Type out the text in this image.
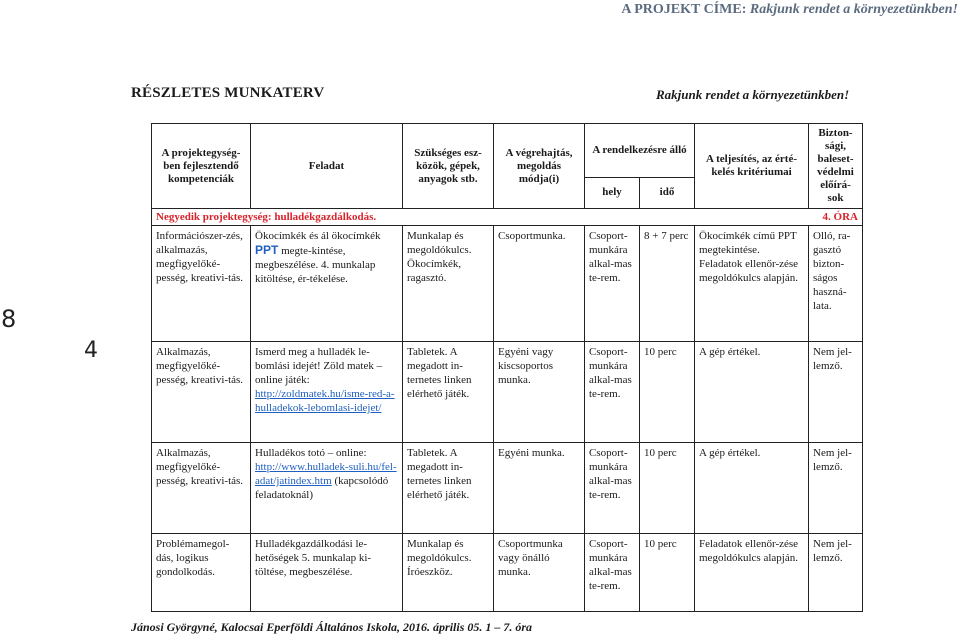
A PROJEKT CÍME: Rakjunk rendet a környezetünkben!
RÉSZLETES MUNKATERV	Rakjunk rendet a környezetünkben!
8
4
A projektegység-ben fejlesztendő kompetenciák	Feladat	Szükséges esz-közök, gépek, anyagok stb.	A végrehajtás, megoldás módja(i)	A rendelkezésre álló		A teljesítés, az érté-kelés kritériumai	Bizton-sági, baleset-védelmi előírá-sok
				hely	idő		
Negyedik projektegység: hulladékgazdálkodás. 4. ÓRA							

Információszer-zés, alkalmazás, megfigyelőké-pesség, kreativi-tás.	Ökocímkék és ál ökocímkék PPT megte-kintése, megbeszélése. 4. munkalap kitöltése, ér-tékelése.	Munkalap és megoldókulcs. Ökocímkék, ragasztó.	Csoportmunka.	Csoport-munkára alkal-mas te-rem.	8 + 7 perc	Ökocímkék című PPT megtekintése. Feladatok ellenőr-zése megoldókulcs alapján.	Olló, ra-gasztó bizton-ságos haszná-lata.
Alkalmazás, megfigyelőké-pesség, kreativi-tás.	Ismerd meg a hulladék le-bomlási idejét! Zöld matek – online játék: http://zoldmatek.hu/isme-red-a-hulladekok-lebomlasi-idejet/	Tabletek. A megadott in-ternetes linken elérhető játék.	Egyéni vagy kiscsoportos munka.	Csoport-munkára alkal-mas te-rem.	10 perc	A gép értékel.	Nem jel-lemző.
Alkalmazás, megfigyelőké-pesség, kreativi-tás.	Hulladékos totó – online: http://www.hulladek-suli.hu/fel-adat/jatindex.htm (kapcsolódó feladatoknál)	Tabletek. A megadott in-ternetes linken elérhető játék.	Egyéni munka.	Csoport-munkára alkal-mas te-rem.	10 perc	A gép értékel.	Nem jel-lemző.
Problémamegol-dás, logikus gondolkodás.	Hulladékgazdálkodási le-hetőségek 5. munkalap ki-töltése, megbeszélése.	Munkalap és megoldókulcs. Íróeszköz.	Csoportmunka vagy önálló munka.	Csoport-munkára alkal-mas te-rem.	10 perc	Feladatok ellenőr-zése megoldókulcs alapján.	Nem jel-lemző.
Jánosi Györgyné, Kalocsai Eperföldi Általános Iskola, 2016. április 05. 1 – 7. óra
